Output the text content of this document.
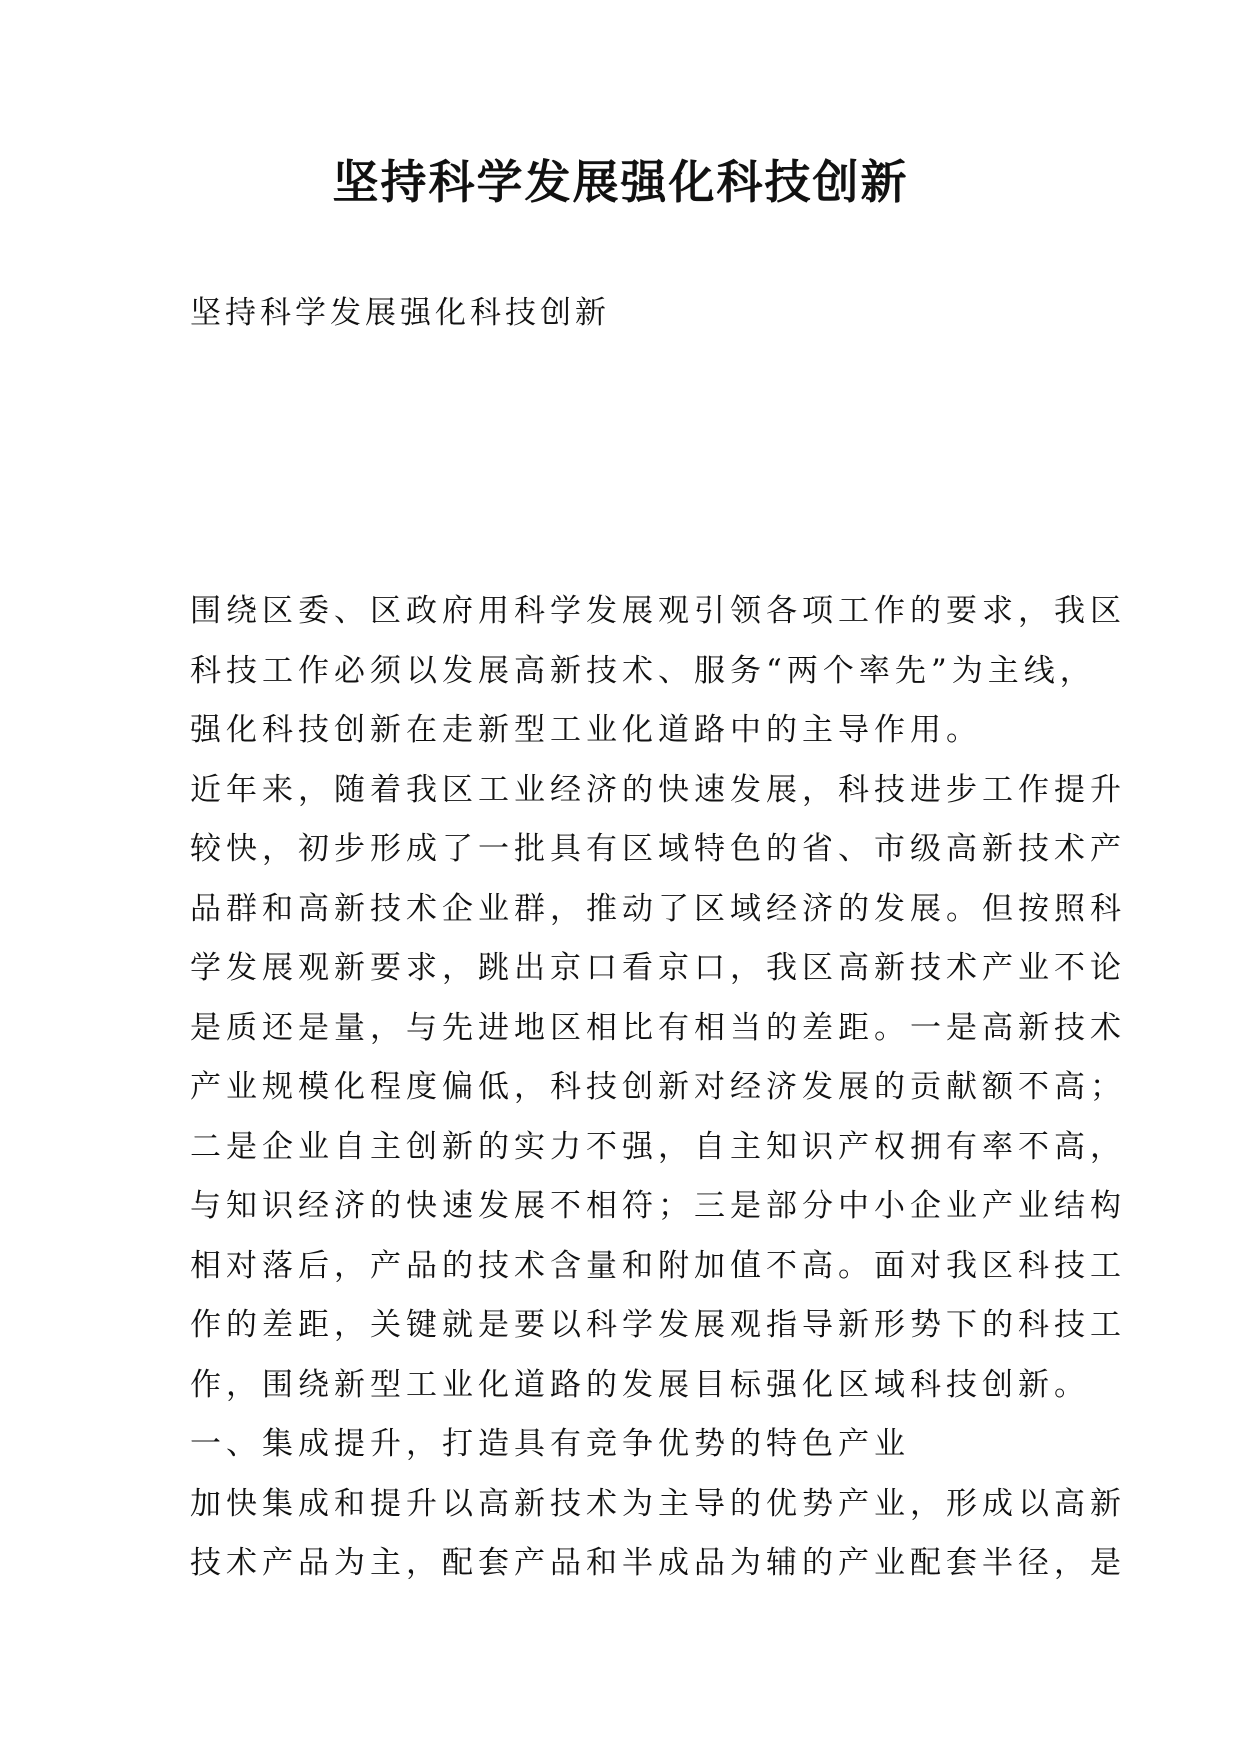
坚持科学发展强化科技创新
坚持科学发展强化科技创新
围绕区委、区政府用科学发展观引领各项工作的要求，我区
科技工作必须以发展高新技术、服务“两个率先”为主线，
强化科技创新在走新型工业化道路中的主导作用。
近年来，随着我区工业经济的快速发展，科技进步工作提升
较快，初步形成了一批具有区域特色的省、市级高新技术产
品群和高新技术企业群，推动了区域经济的发展。但按照科
学发展观新要求，跳出京口看京口，我区高新技术产业不论
是质还是量，与先进地区相比有相当的差距。一是高新技术
产业规模化程度偏低，科技创新对经济发展的贡献额不高；
二是企业自主创新的实力不强，自主知识产权拥有率不高，
与知识经济的快速发展不相符；三是部分中小企业产业结构
相对落后，产品的技术含量和附加值不高。面对我区科技工
作的差距，关键就是要以科学发展观指导新形势下的科技工
作，围绕新型工业化道路的发展目标强化区域科技创新。
一、集成提升，打造具有竞争优势的特色产业
加快集成和提升以高新技术为主导的优势产业，形成以高新
技术产品为主，配套产品和半成品为辅的产业配套半径，是
